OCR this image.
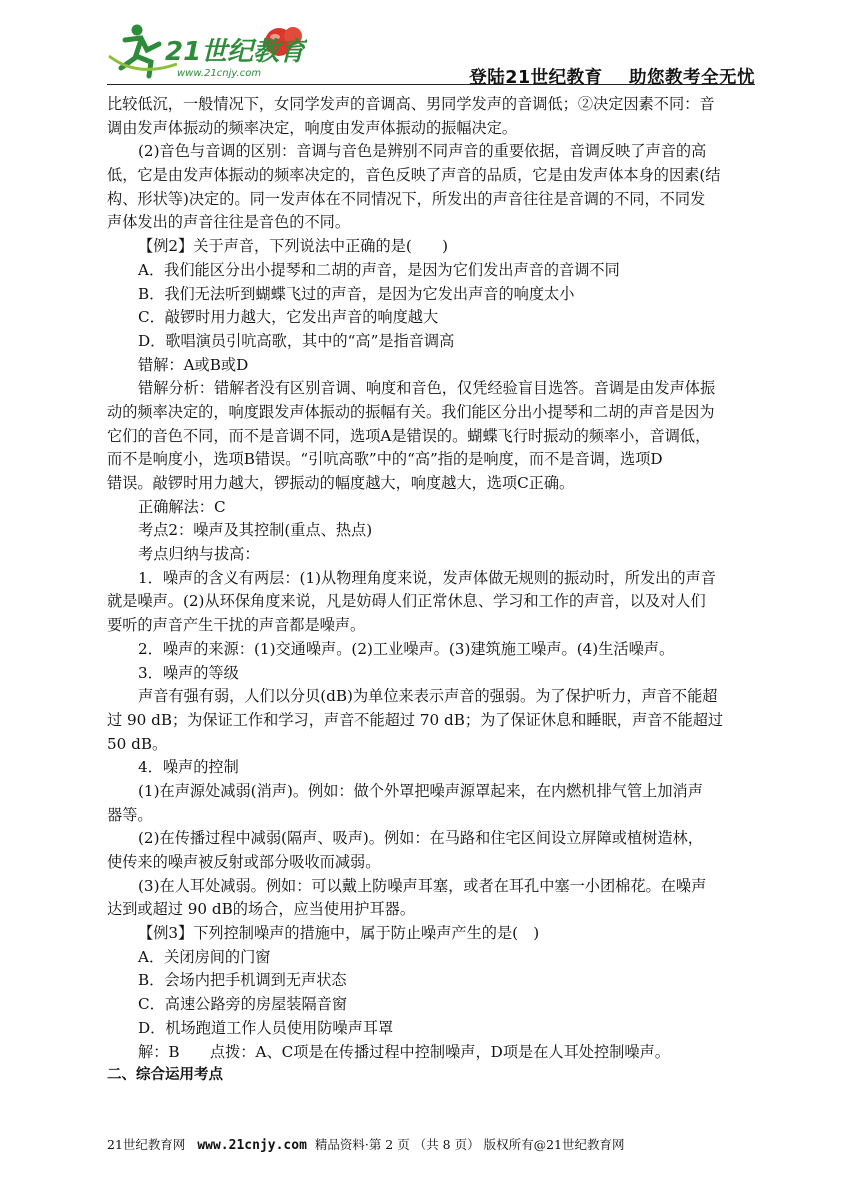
21世纪教育
www.21cnjy.com	登陆21世纪教育    助您教考全无忧
比较低沉，一般情况下，女同学发声的音调高、男同学发声的音调低；②决定因素不同：音
调由发声体振动的频率决定，响度由发声体振动的振幅决定。
(2)音色与音调的区别：音调与音色是辨别不同声音的重要依据，音调反映了声音的高
低，它是由发声体振动的频率决定的，音色反映了声音的品质，它是由发声体本身的因素(结
构、形状等)决定的。同一发声体在不同情况下，所发出的声音往往是音调的不同，不同发
声体发出的声音往往是音色的不同。
【例2】关于声音，下列说法中正确的是(　　)
A．我们能区分出小提琴和二胡的声音，是因为它们发出声音的音调不同
B．我们无法听到蝴蝶飞过的声音，是因为它发出声音的响度太小
C．敲锣时用力越大，它发出声音的响度越大
D．歌唱演员引吭高歌，其中的“高”是指音调高
错解：A或B或D
错解分析：错解者没有区别音调、响度和音色，仅凭经验盲目选答。音调是由发声体振
动的频率决定的，响度跟发声体振动的振幅有关。我们能区分出小提琴和二胡的声音是因为
它们的音色不同，而不是音调不同，选项A是错误的。蝴蝶飞行时振动的频率小，音调低，
而不是响度小，选项B错误。“引吭高歌”中的“高”指的是响度，而不是音调，选项D
错误。敲锣时用力越大，锣振动的幅度越大，响度越大，选项C正确。
正确解法：C
考点2：噪声及其控制(重点、热点)
考点归纳与拔高：
1．噪声的含义有两层：(1)从物理角度来说，发声体做无规则的振动时，所发出的声音
就是噪声。(2)从环保角度来说，凡是妨碍人们正常休息、学习和工作的声音，以及对人们
要听的声音产生干扰的声音都是噪声。
2．噪声的来源：(1)交通噪声。(2)工业噪声。(3)建筑施工噪声。(4)生活噪声。
3．噪声的等级
声音有强有弱，人们以分贝(dB)为单位来表示声音的强弱。为了保护听力，声音不能超
过 90 dB；为保证工作和学习，声音不能超过 70 dB；为了保证休息和睡眠，声音不能超过
50 dB。
4．噪声的控制
(1)在声源处减弱(消声)。例如：做个外罩把噪声源罩起来，在内燃机排气管上加消声
器等。
(2)在传播过程中减弱(隔声、吸声)。例如：在马路和住宅区间设立屏障或植树造林，
使传来的噪声被反射或部分吸收而减弱。
(3)在人耳处减弱。例如：可以戴上防噪声耳塞，或者在耳孔中塞一小团棉花。在噪声
达到或超过 90 dB的场合，应当使用护耳器。
【例3】下列控制噪声的措施中，属于防止噪声产生的是(　)
A．关闭房间的门窗
B．会场内把手机调到无声状态
C．高速公路旁的房屋装隔音窗
D．机场跑道工作人员使用防噪声耳罩
解：B　　点拨：A、C项是在传播过程中控制噪声，D项是在人耳处控制噪声。
二、综合运用考点
21世纪教育网   www.21cnjy.com  精品资料·第 2 页 （共 8 页） 版权所有@21世纪教育网
